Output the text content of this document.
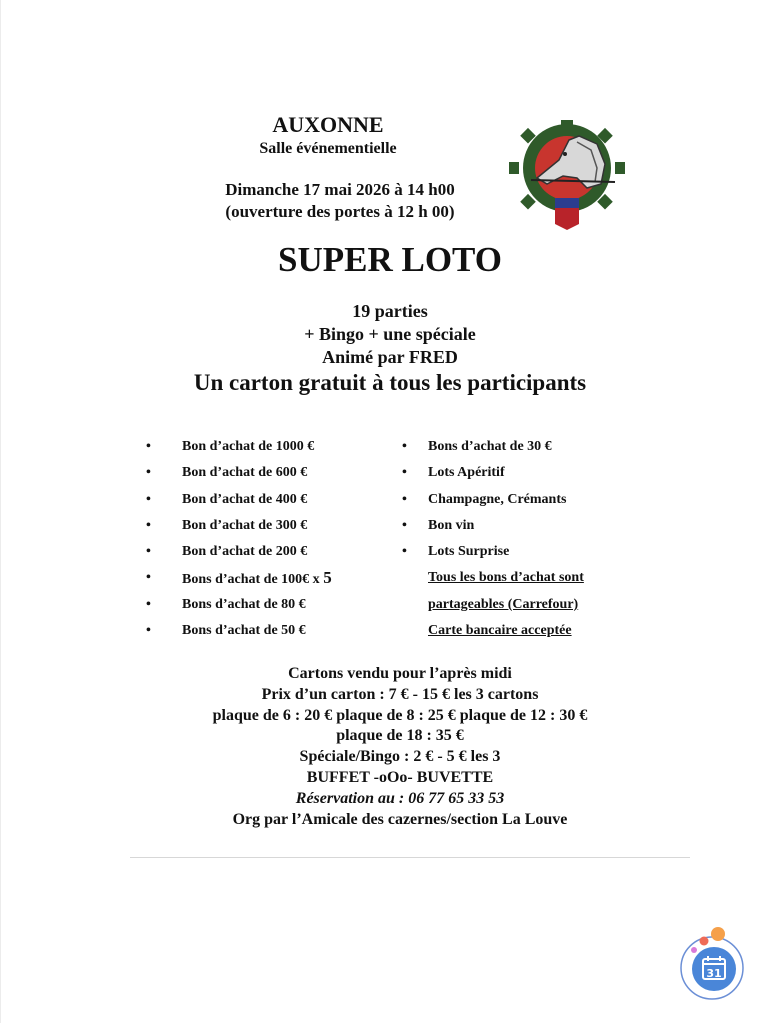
AUXONNE
Salle événementielle
Dimanche 17 mai 2026 à 14 h00
(ouverture des portes à 12 h 00)
SUPER LOTO
19 parties
+ Bingo + une spéciale
Animé par FRED
Un carton gratuit à tous les participants
• Bon d’achat de 1000 €
• Bon d’achat de 600 €
• Bon d’achat de 400 €
• Bon d’achat de 300 €
• Bon d’achat de 200 €
• Bons d’achat de 100€ x 5
• Bons d’achat de 80 €
• Bons d’achat de 50 €
• Bons d’achat de 30 €
• Lots Apéritif
• Champagne, Crémants
• Bon vin
• Lots Surprise
Tous les bons d’achat sont
partageables (Carrefour)
Carte bancaire acceptée
Cartons vendu pour l’après midi
Prix d’un carton : 7 € - 15 € les 3 cartons
plaque de 6 : 20 € plaque de 8 : 25 € plaque de 12 : 30 €
plaque de 18 : 35 €
Spéciale/Bingo : 2 € - 5 € les 3
BUFFET -oOo- BUVETTE
Réservation au : 06 77 65 33 53
Org par l’Amicale des cazernes/section La Louve
31
